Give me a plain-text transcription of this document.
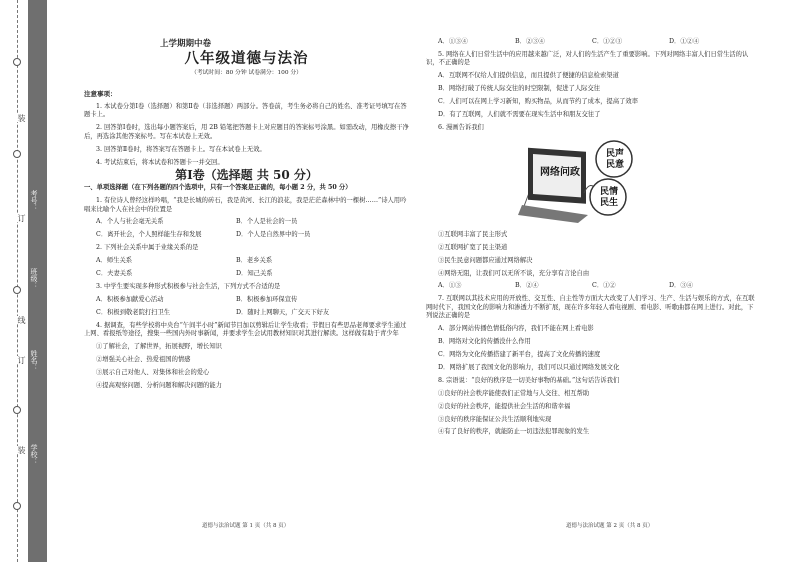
装
订
线
装
订
学校：
姓名：
班级：
考号：
上学期期中卷
八年级道德与法治
（考试时间：80 分钟 试卷满分：100 分）
注意事项：
1. 本试卷分第Ⅰ卷（选择题）和第Ⅱ卷（非选择题）两部分。答卷前，考生务必将自己的姓名、准考证号填写在答题卡上。
2. 回答第Ⅰ卷时，选出每小题答案后，用 2B 铅笔把答题卡上对应题目的答案标号涂黑。如需改动，用橡皮擦干净后，再选涂其他答案标号。写在本试卷上无效。
3. 回答第Ⅱ卷时，将答案写在答题卡上。写在本试卷上无效。
4. 考试结束后，将本试卷和答题卡一并交回。
第Ⅰ卷（选择题 共 50 分）
一、单项选择题（在下列各题的四个选项中，只有一个答案是正确的，每小题 2 分，共 50 分）
1. 有位诗人曾经这样吟唱，“我是长城的砖石，我是黄河、长江的浪花，我是茫茫森林中的一棵树……”诗人用吟唱来比喻个人在社会中的位置是
A．个人与社会毫无关系	B．个人是社会的一员
C．离开社会，个人照样能生存和发展	D．个人是自然界中的一员
2. 下列社会关系中属于业缘关系的是
A．师生关系	B．老乡关系
C．夫妻关系	D．知己关系
3. 中学生要实现多种形式积极参与社会生活，下列方式不合适的是
A．积极参加献爱心活动	B．积极参加环保宣传
C．积极到敬老院打扫卫生	D．随时上网聊天，广交天下好友
4. 据调查，有些学校将中央台“午间半小时”新闻节目加以剪辑后让学生收看；节假日有些思品老师要求学生通过上网、看报纸等途径，搜集一些国内外时事新闻，并要求学生会试用教材知识对其进行解读。这样做有助于青少年
①了解社会，了解世界，拓展视野，增长知识
②增强关心社会、热爱祖国的情感
③展示自己对他人、对集体和社会的爱心
④提高观察问题、分析问题和解决问题的能力
道德与法治试题 第 1 页（共 8 页）
A．①③④	B．②③④	C．①②③	D．①②④
5. 网络在人们日常生活中的应用越来越广泛，对人们的生活产生了重要影响。下列对网络丰富人们日常生活的认识，不正确的是
A．互联网不仅给人们提供信息，而且提供了便捷的信息检索渠道
B．网络打破了传统人际交往的时空限制，促进了人际交往
C．人们可以在网上学习新知，购买物品，从而节约了成本，提高了效率
D．有了互联网，人们就不需要在现实生活中和朋友交往了
6. 漫画告诉我们
网络问政
民声
民意
民情
民生
①互联网丰富了民主形式
②互联网扩宽了民主渠道
③民生民意问题都应通过网络解决
④网络无阻，让我们可以无所不谈，充分享有言论自由
A．①③	B．②④	C．①②	D．③④
7. 互联网以其技术应用的开放性、交互性、自主性等方面大大改变了人们学习、生产、生活与娱乐的方式，在互联网时代下，我国文化的影响力和渗透力不断扩展，现在许多年轻人看电视剧、看电影、听歌曲都在网上进行。对此，下列说法正确的是
A．部分网站传播色情低俗内容，我们不能在网上看电影
B．网络对文化的传播没什么作用
C．网络为文化传播搭建了新平台，提高了文化传播的速度
D．网络扩展了我国文化的影响力，我们可以只通过网络发展文化
8. 宗语说：“良好的秩序是一切美好事物的基础。”这句话告诉我们
①良好的社会秩序能使我们正常地与人交往、相互帮助
②良好的社会秩序，能提供社会生活的和谐幸福
③良好的秩序能保证公共生活顺利地实现
④有了良好的秩序，就能防止一切违法犯罪现象的发生
道德与法治试题 第 2 页（共 8 页）
